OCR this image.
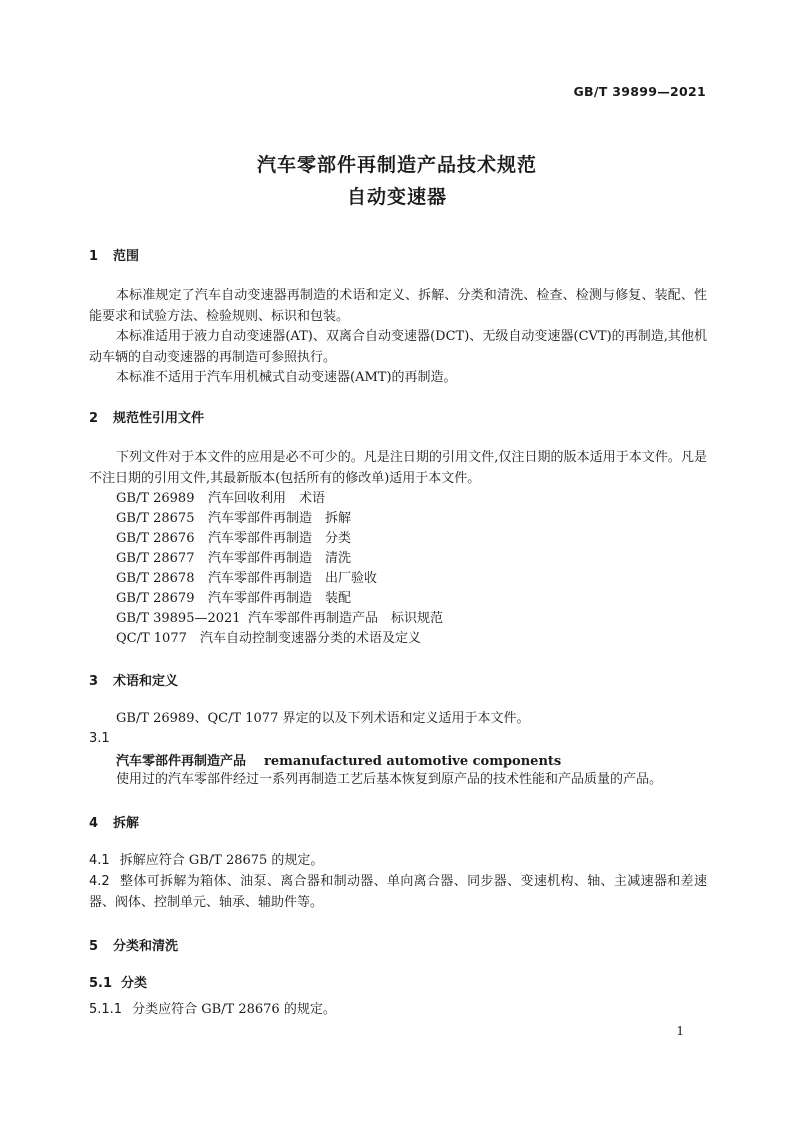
GB/T 39899—2021
汽车零部件再制造产品技术规范
自动变速器
1 范围
本标准规定了汽车自动变速器再制造的术语和定义、拆解、分类和清洗、检查、检测与修复、装配、性能要求和试验方法、检验规则、标识和包装。
本标准适用于液力自动变速器(AT)、双离合自动变速器(DCT)、无级自动变速器(CVT)的再制造,其他机动车辆的自动变速器的再制造可参照执行。
本标准不适用于汽车用机械式自动变速器(AMT)的再制造。
2 规范性引用文件
下列文件对于本文件的应用是必不可少的。凡是注日期的引用文件,仅注日期的版本适用于本文件。凡是不注日期的引用文件,其最新版本(包括所有的修改单)适用于本文件。
GB/T 26989 汽车回收利用　术语
GB/T 28675 汽车零部件再制造　拆解
GB/T 28676 汽车零部件再制造　分类
GB/T 28677 汽车零部件再制造　清洗
GB/T 28678 汽车零部件再制造　出厂验收
GB/T 28679 汽车零部件再制造　装配
GB/T 39895—2021 汽车零部件再制造产品　标识规范
QC/T 1077 汽车自动控制变速器分类的术语及定义
3 术语和定义
GB/T 26989、QC/T 1077 界定的以及下列术语和定义适用于本文件。
3.1
汽车零部件再制造产品 remanufactured automotive components
使用过的汽车零部件经过一系列再制造工艺后基本恢复到原产品的技术性能和产品质量的产品。
4 拆解
4.1 拆解应符合 GB/T 28675 的规定。
4.2 整体可拆解为箱体、油泵、离合器和制动器、单向离合器、同步器、变速机构、轴、主减速器和差速器、阀体、控制单元、轴承、辅助件等。
5 分类和清洗
5.1 分类
5.1.1 分类应符合 GB/T 28676 的规定。
1
